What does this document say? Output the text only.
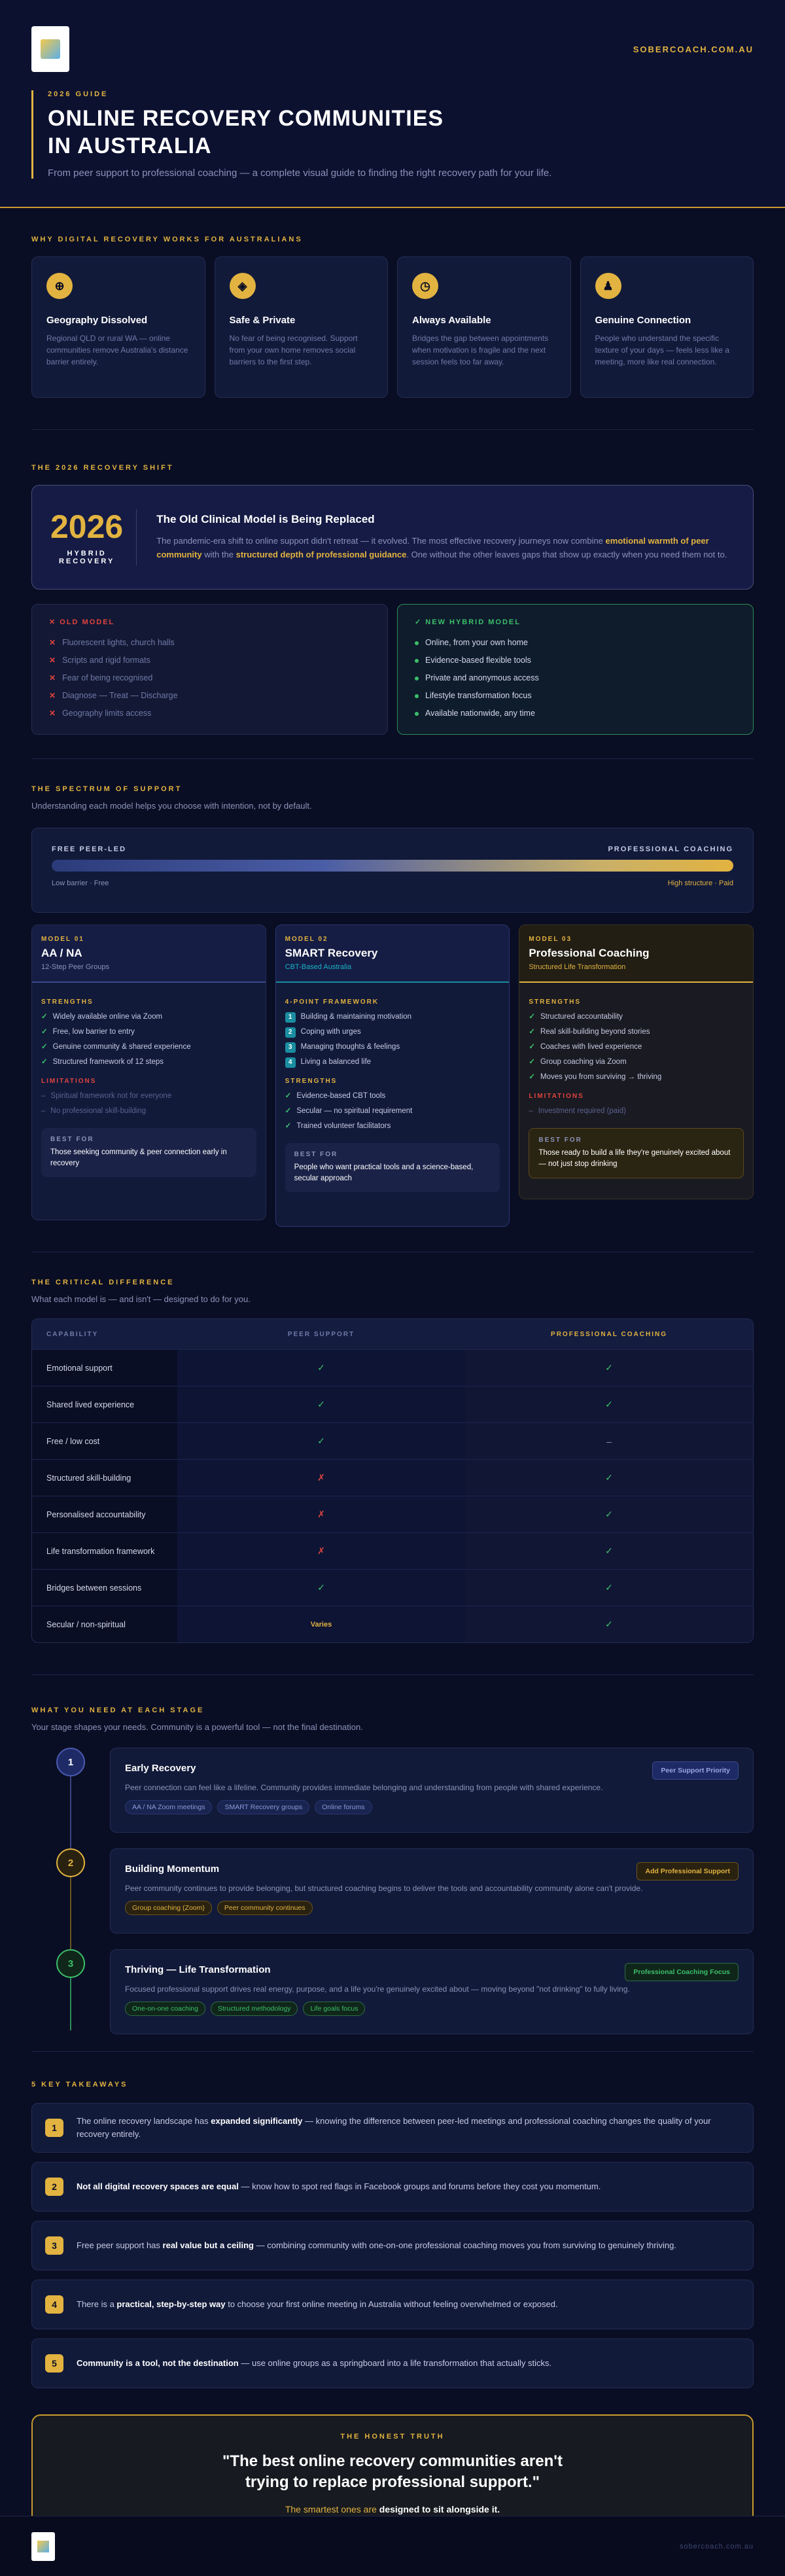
SOBERCOACH.COM.AU
2026 GUIDE
ONLINE RECOVERY COMMUNITIES
IN AUSTRALIA

From peer support to professional coaching — a complete visual guide to finding the right recovery path for your life.

WHY DIGITAL RECOVERY WORKS FOR AUSTRALIANS
⊕
Geography Dissolved

Regional QLD or rural WA — online communities remove Australia's distance barrier entirely.

◈
Safe & Private

No fear of being recognised. Support from your own home removes social barriers to the first step.

◷
Always Available

Bridges the gap between appointments when motivation is fragile and the next session feels too far away.

♟
Genuine Connection

People who understand the specific texture of your days — feels less like a meeting, more like real connection.

THE 2026 RECOVERY SHIFT
2026
HYBRID RECOVERY
The Old Clinical Model is Being Replaced

The pandemic-era shift to online support didn't retreat — it evolved. The most effective recovery journeys now combine emotional warmth of peer community with the structured depth of professional guidance. One without the other leaves gaps that show up exactly when you need them not to.

✕ OLD MODEL
✕ Fluorescent lights, church halls
✕ Scripts and rigid formats
✕ Fear of being recognised
✕ Diagnose — Treat — Discharge
✕ Geography limits access
✓ NEW HYBRID MODEL
Online, from your own home
Evidence-based flexible tools
Private and anonymous access
Lifestyle transformation focus
Available nationwide, any time
THE SPECTRUM OF SUPPORT

Understanding each model helps you choose with intention, not by default.

FREE PEER-LED	PROFESSIONAL COACHING
Low barrier · Free	High structure · Paid
MODEL 01
AA / NA
12-Step Peer Groups
STRENGTHS
✓ Widely available online via Zoom
✓ Free, low barrier to entry
✓ Genuine community & shared experience
✓ Structured framework of 12 steps
LIMITATIONS
– Spiritual framework not for everyone
– No professional skill-building
BEST FOR

Those seeking community & peer connection early in recovery

MODEL 02
SMART Recovery
CBT-Based Australia
4-POINT FRAMEWORK
1	Building & maintaining motivation
2	Coping with urges
3	Managing thoughts & feelings
4	Living a balanced life
STRENGTHS
✓ Evidence-based CBT tools
✓ Secular — no spiritual requirement
✓ Trained volunteer facilitators
BEST FOR

People who want practical tools and a science-based, secular approach

MODEL 03
Professional Coaching
Structured Life Transformation
STRENGTHS
✓ Structured accountability
✓ Real skill-building beyond stories
✓ Coaches with lived experience
✓ Group coaching via Zoom
✓ Moves you from surviving → thriving
LIMITATIONS
– Investment required (paid)
BEST FOR

Those ready to build a life they're genuinely excited about — not just stop drinking

THE CRITICAL DIFFERENCE

What each model is — and isn't — designed to do for you.

CAPABILITY	PEER SUPPORT	PROFESSIONAL COACHING
Emotional support	✓	✓
Shared lived experience	✓	✓
Free / low cost	✓	–
Structured skill-building	✗	✓
Personalised accountability	✗	✓
Life transformation framework	✗	✓
Bridges between sessions	✓	✓
Secular / non-spiritual	Varies	✓
WHAT YOU NEED AT EACH STAGE

Your stage shapes your needs. Community is a powerful tool — not the final destination.

1
Early Recovery	Peer Support Priority

Peer connection can feel like a lifeline. Community provides immediate belonging and understanding from people with shared experience.

AA / NA Zoom meetings	SMART Recovery groups	Online forums
2
Building Momentum	Add Professional Support

Peer community continues to provide belonging, but structured coaching begins to deliver the tools and accountability community alone can't provide.

Group coaching (Zoom)	Peer community continues
3
Thriving — Life Transformation	Professional Coaching Focus

Focused professional support drives real energy, purpose, and a life you're genuinely excited about — moving beyond "not drinking" to fully living.

One-on-one coaching	Structured methodology	Life goals focus
5 KEY TAKEAWAYS
1

The online recovery landscape has expanded significantly — knowing the difference between peer-led meetings and professional coaching changes the quality of your recovery entirely.

2	Not all digital recovery spaces are equal — know how to spot red flags in Facebook groups and forums before they cost you momentum.

3	Free peer support has real value but a ceiling — combining community with one-on-one professional coaching moves you from surviving to genuinely thriving.

4	There is a practical, step-by-step way to choose your first online meeting in Australia without feeling overwhelmed or exposed.

5	Community is a tool, not the destination — use online groups as a springboard into a life transformation that actually sticks.

THE HONEST TRUTH
"The best online recovery communities aren't
trying to replace professional support."

The smartest ones are designed to sit alongside it.

sobercoach.com.au
